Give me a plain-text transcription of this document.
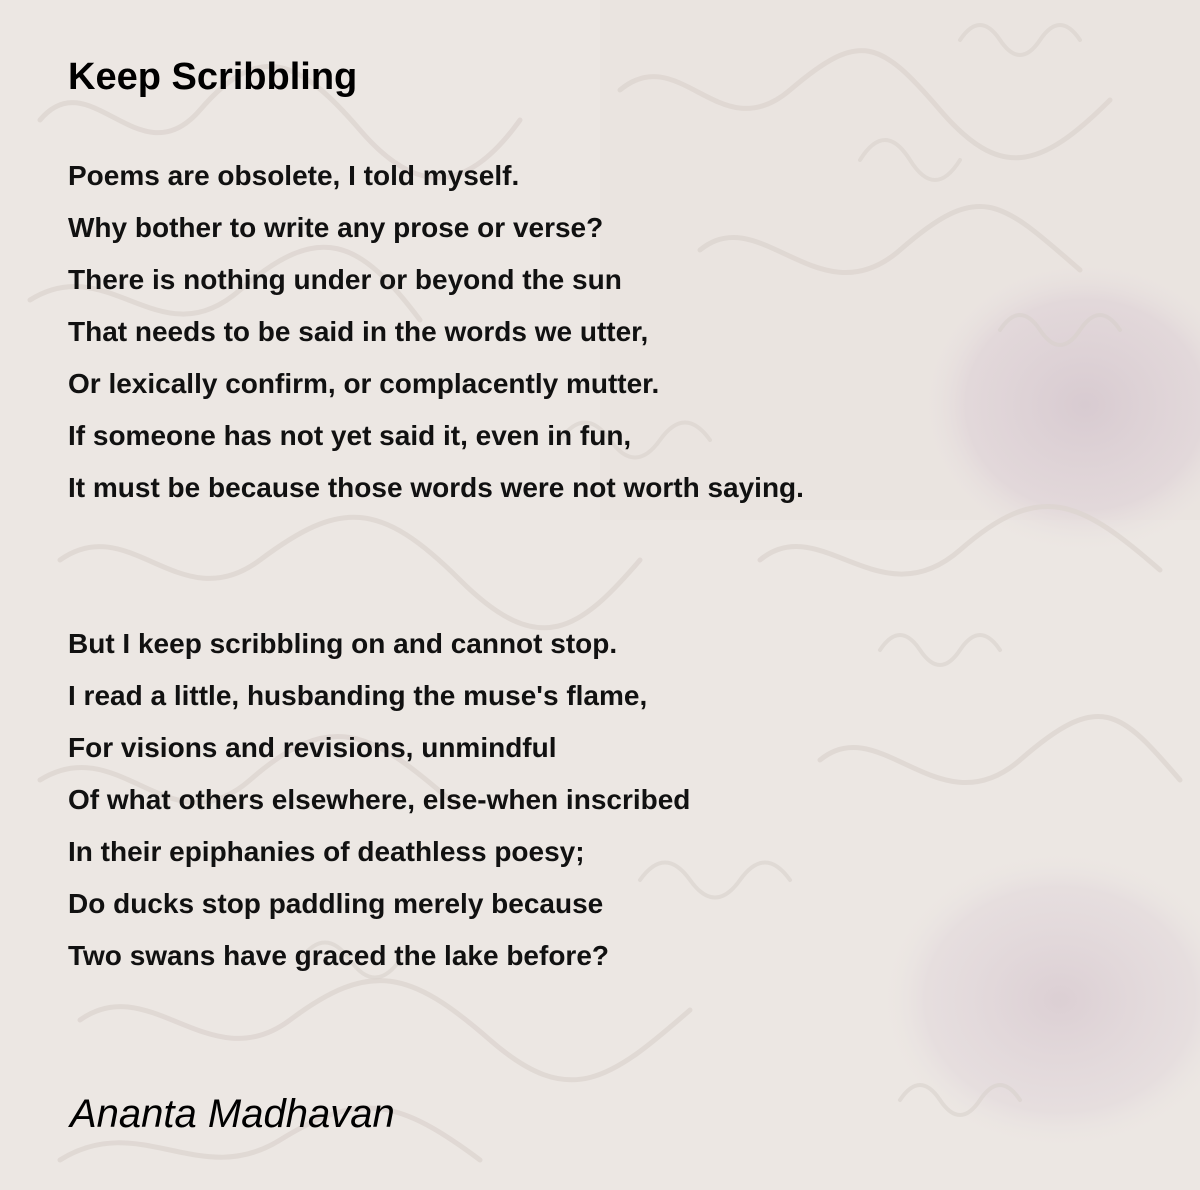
Keep Scribbling
Poems are obsolete, I told myself.
Why bother to write any prose or verse?
There is nothing under or beyond the sun
That needs to be said in the words we utter,
Or lexically confirm, or complacently mutter.
If someone has not yet said it, even in fun,
It must be because those words were not worth saying.
But I keep scribbling on and cannot stop.
I read a little, husbanding the muse's flame,
For visions and revisions, unmindful
Of what others elsewhere, else-when inscribed
In their epiphanies of deathless poesy;
Do ducks stop paddling merely because
Two swans have graced the lake before?

Ananta Madhavan
